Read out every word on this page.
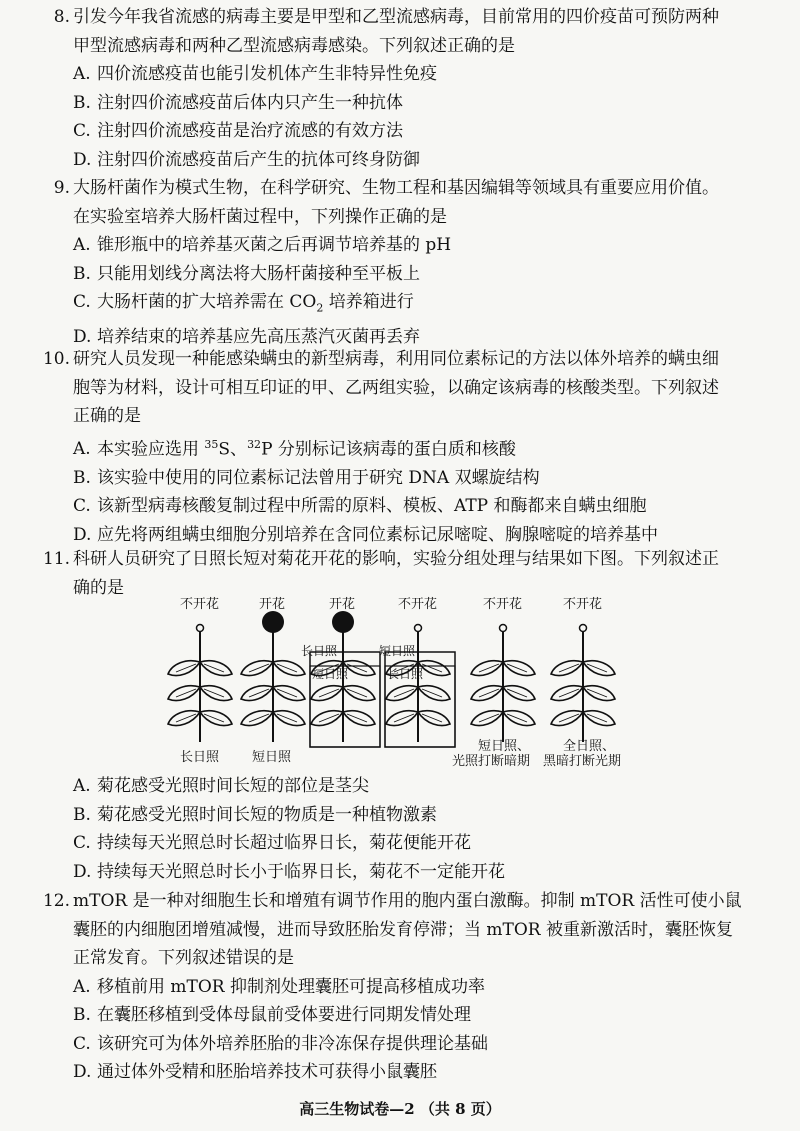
8. 引发今年我省流感的病毒主要是甲型和乙型流感病毒，目前常用的四价疫苗可预防两种
甲型流感病毒和两种乙型流感病毒感染。下列叙述正确的是
A. 四价流感疫苗也能引发机体产生非特异性免疫
B. 注射四价流感疫苗后体内只产生一种抗体
C. 注射四价流感疫苗是治疗流感的有效方法
D. 注射四价流感疫苗后产生的抗体可终身防御
9. 大肠杆菌作为模式生物，在科学研究、生物工程和基因编辑等领域具有重要应用价值。
在实验室培养大肠杆菌过程中，下列操作正确的是
A. 锥形瓶中的培养基灭菌之后再调节培养基的 pH
B. 只能用划线分离法将大肠杆菌接种至平板上
C. 大肠杆菌的扩大培养需在 $CO_2$ 培养箱进行
D. 培养结束的培养基应先高压蒸汽灭菌再丢弃
10. 研究人员发现一种能感染螨虫的新型病毒，利用同位素标记的方法以体外培养的螨虫细
胞等为材料，设计可相互印证的甲、乙两组实验，以确定该病毒的核酸类型。下列叙述
正确的是
A. 本实验应选用 $^{35}$S、$^{32}$P 分别标记该病毒的蛋白质和核酸
B. 该实验中使用的同位素标记法曾用于研究 DNA 双螺旋结构
C. 该新型病毒核酸复制过程中所需的原料、模板、ATP 和酶都来自螨虫细胞
D. 应先将两组螨虫细胞分别培养在含同位素标记尿嘧啶、胸腺嘧啶的培养基中
11. 科研人员研究了日照长短对菊花开花的影响，实验分组处理与结果如下图。下列叙述正
确的是
不开花	开花	开花	不开花	不开花	不开花
长日照
短日照
短日照
长日照
长日照	短日照
短日照、
光照打断暗期
全日照、
黑暗打断光期
A. 菊花感受光照时间长短的部位是茎尖
B. 菊花感受光照时间长短的物质是一种植物激素
C. 持续每天光照总时长超过临界日长，菊花便能开花
D. 持续每天光照总时长小于临界日长，菊花不一定能开花
12. mTOR 是一种对细胞生长和增殖有调节作用的胞内蛋白激酶。抑制 mTOR 活性可使小鼠
囊胚的内细胞团增殖减慢，进而导致胚胎发育停滞；当 mTOR 被重新激活时，囊胚恢复
正常发育。下列叙述错误的是
A. 移植前用 mTOR 抑制剂处理囊胚可提高移植成功率
B. 在囊胚移植到受体母鼠前受体要进行同期发情处理
C. 该研究可为体外培养胚胎的非冷冻保存提供理论基础
D. 通过体外受精和胚胎培养技术可获得小鼠囊胚
高三生物试卷—2 （共 8 页）
